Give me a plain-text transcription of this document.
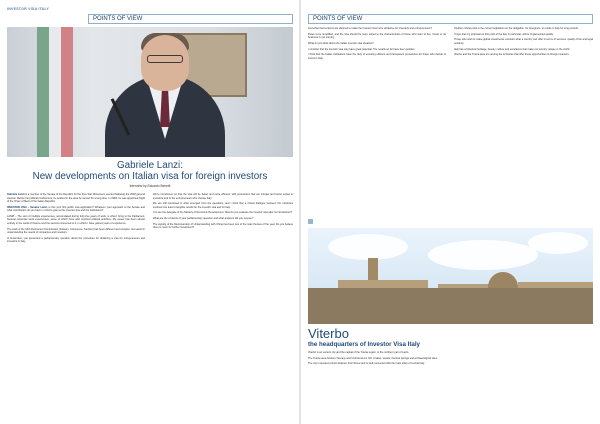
INVESTOR VISA ITALY
POINTS OF VIEW	POINTS OF VIEW
Gabriele Lanzi:
New developments on Italian visa for foreign investors
Interview by Eduardo Benetti

Gabriele Lanzi is a member of the Senate of the Republic for the Five Star Movement, elected following the 2018 general election. Before his political involvement, he worked in the area he served for a long time. In 1984, he was appointed Night of the Order of Merit of the Italian Republic.

INVESTOR VISA – Senator Lanzi, is this your first public visa application? Whatever your approach to the Senate and what contribution do you have in mind to give to the investor visa and the institutions?

LANZI – The sum of multiple experiences, accumulated during forty-five years of work, is what I bring to the Parliament. Several corporate work experiences, some of which have also involved political activities. My career has been almost entirely in the world of finance and the sectors connected to it, in which I have gained years of experience.

The work of the 10th Permanent Commission (Industry, Commerce, Tourism) has been different and complex, but useful in understanding the needs of companies and investors.

In November, you presented a parliamentary question about the procedure for obtaining a visa for entrepreneurs and investors in Italy.

We're introduced, so that the visa will be faster and more efficient, with procedures that are simpler and better suited to investors and to the entrepreneurs who choose Italy.

We are still interested in what emerged from the questions, and I think that a critical dialogue between the ministries involved can lead to tangible results for the investor visa and for Italy.

You are the delegate of the Ministry of Economic Development. How do you evaluate the investor visa after its introduction?

What are the contents of your parliamentary question and what answers did you receive?

The signing of the Memorandum of Understanding with China has been one of the main themes of the year. Do you believe there is room for further investment?

And what interventions are planned to make the investor visa more attractive for investors and entrepreneurs?

Rules to be simplified, and the visa should be more suited to the characteristics of those who want to live, invest or do business in our country.

What do you think about the Italian investor visa situation?

I consider that the investor visa may have great potential. The results so far have been positive.

I think that the Italian institutions have the duty of ensuring efficient and transparent procedures for those who decide to invest in Italy.

Another critical point is the current legislation on the obligation, for foreigners, to reside in Italy for long periods.

I hope that my proposal on this point of the law, in particular, will be implemented quickly.

Those who wish to make global investments consider what a country can offer in terms of services, quality of life and legal certainty.

Italy has a historical heritage, beauty, culture and excellence that make our country unique in the world.

Viterbo and the Tuscia area are among the territories that offer these opportunities to foreign investors.

Viterbo
the headquarters of Investor Visa Italy

Viterbo is an ancient city and the capital of the Tuscia region, in the northern part of Lazio.

The Tuscia area borders Tuscany and Umbria and is rich in lakes, woods, thermal springs and archaeological sites.

The city is located a short distance from Rome and is well connected with the main cities of central Italy.
